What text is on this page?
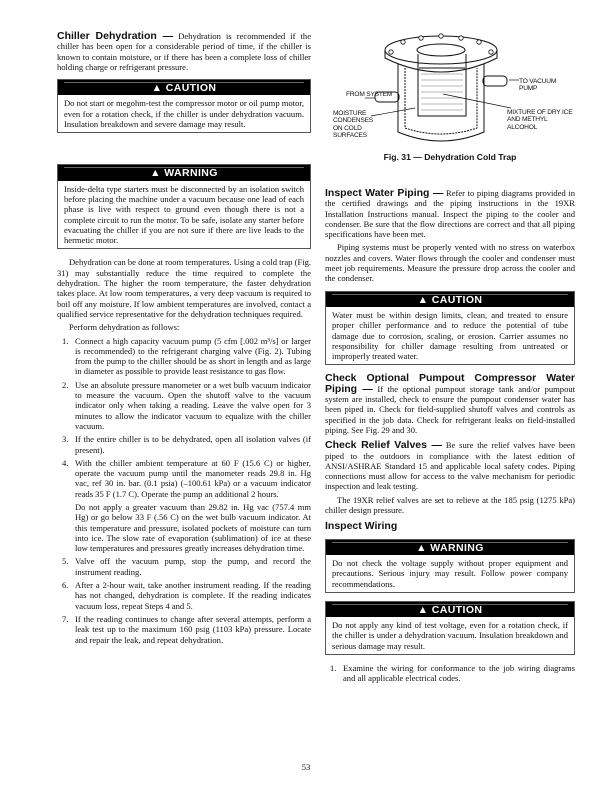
Chiller Dehydration — Dehydration is recommended if the chiller has been open for a considerable period of time, if the chiller is known to contain moisture, or if there has been a complete loss of chiller holding charge or refrigerant pressure.

▲ CAUTION
Do not start or megohm-test the compressor motor or oil pump motor, even for a rotation check, if the chiller is under dehydration vacuum. Insulation breakdown and severe damage may result.
▲ WARNING
Inside-delta type starters must be disconnected by an isolation switch before placing the machine under a vacuum because one lead of each phase is live with respect to ground even though there is not a complete circuit to run the motor. To be safe, isolate any starter before evacuating the chiller if you are not sure if there are live leads to the hermetic motor.

Dehydration can be done at room temperatures. Using a cold trap (Fig. 31) may substantially reduce the time required to complete the dehydration. The higher the room temperature, the faster dehydration takes place. At low room temperatures, a very deep vacuum is required to boil off any moisture. If low ambient temperatures are involved, contact a qualified service representative for the dehydration techniques required.

Perform dehydration as follows:

1. Connect a high capacity vacuum pump (5 cfm [.002 m³/s] or larger is recommended) to the refrigerant charging valve (Fig. 2). Tubing from the pump to the chiller should be as short in length and as large in diameter as possible to provide least resistance to gas flow.
2. Use an absolute pressure manometer or a wet bulb vacuum indicator to measure the vacuum. Open the shutoff valve to the vacuum indicator only when taking a reading. Leave the valve open for 3 minutes to allow the indicator vacuum to equalize with the chiller vacuum.
3. If the entire chiller is to be dehydrated, open all isolation valves (if present).
4. With the chiller ambient temperature at 60 F (15.6 C) or higher, operate the vacuum pump until the manometer reads 29.8 in. Hg vac, ref 30 in. bar. (0.1 psia) (–100.61 kPa) or a vacuum indicator reads 35 F (1.7 C). Operate the pump an additional 2 hours.
Do not apply a greater vacuum than 29.82 in. Hg vac (757.4 mm Hg) or go below 33 F (.56 C) on the wet bulb vacuum indicator. At this temperature and pressure, isolated pockets of moisture can turn into ice. The slow rate of evaporation (sublimation) of ice at these low temperatures and pressures greatly increases dehydration time.
5. Valve off the vacuum pump, stop the pump, and record the instrument reading.
6. After a 2-hour wait, take another instrument reading. If the reading has not changed, dehydration is complete. If the reading indicates vacuum loss, repeat Steps 4 and 5.
7. If the reading continues to change after several attempts, perform a leak test up to the maximum 160 psig (1103 kPa) pressure. Locate and repair the leak, and repeat dehydration.
FROM SYSTEM
TO VACUUM PUMP
MOISTURE CONDENSES ON COLD SURFACES
MIXTURE OF DRY ICE AND METHYL ALCOHOL
Fig. 31 — Dehydration Cold Trap

Inspect Water Piping — Refer to piping diagrams provided in the certified drawings and the piping instructions in the 19XR Installation Instructions manual. Inspect the piping to the cooler and condenser. Be sure that the flow directions are correct and that all piping specifications have been met.

Piping systems must be properly vented with no stress on waterbox nozzles and covers. Water flows through the cooler and condenser must meet job requirements. Measure the pressure drop across the cooler and the condenser.

▲ CAUTION
Water must be within design limits, clean, and treated to ensure proper chiller performance and to reduce the potential of tube damage due to corrosion, scaling, or erosion. Carrier assumes no responsibility for chiller damage resulting from untreated or improperly treated water.

Check Optional Pumpout Compressor Water Piping — If the optional pumpout storage tank and/or pumpout system are installed, check to ensure the pumpout condenser water has been piped in. Check for field-supplied shutoff valves and controls as specified in the job data. Check for refrigerant leaks on field-installed piping. See Fig. 29 and 30.

Check Relief Valves — Be sure the relief valves have been piped to the outdoors in compliance with the latest edition of ANSI/ASHRAE Standard 15 and applicable local safety codes. Piping connections must allow for access to the valve mechanism for periodic inspection and leak testing.

The 19XR relief valves are set to relieve at the 185 psig (1275 kPa) chiller design pressure.

Inspect Wiring
▲ WARNING
Do not check the voltage supply without proper equipment and precautions. Serious injury may result. Follow power company recommendations.
▲ CAUTION
Do not apply any kind of test voltage, even for a rotation check, if the chiller is under a dehydration vacuum. Insulation breakdown and serious damage may result.
1. Examine the wiring for conformance to the job wiring diagrams and all applicable electrical codes.
53
